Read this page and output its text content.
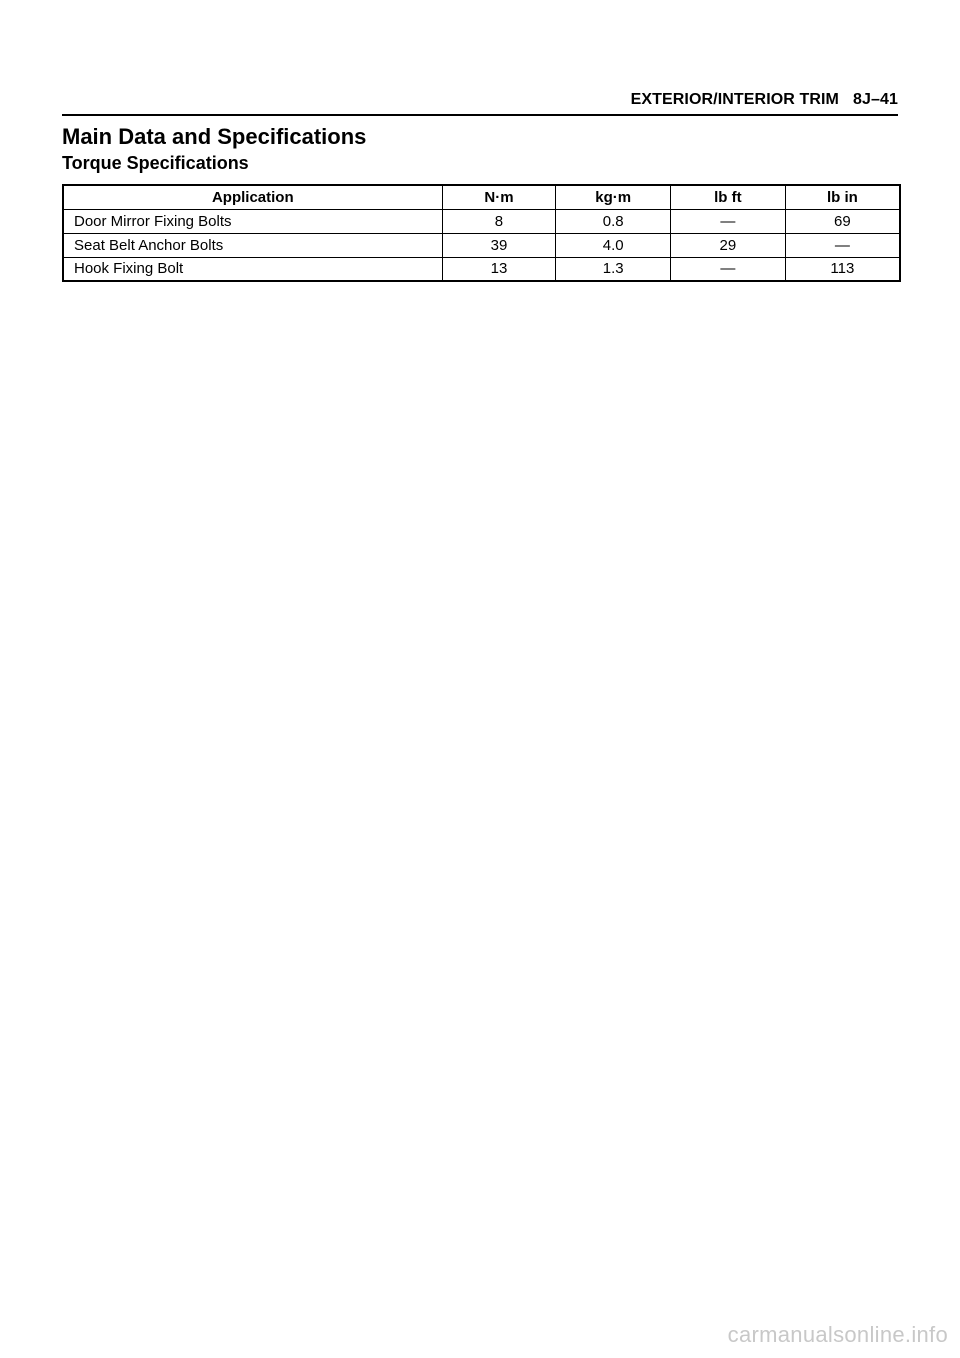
EXTERIOR/INTERIOR TRIM 8J–41
Main Data and Specifications
Torque Specifications
Application	N·m	kg·m	lb ft	lb in
Door Mirror Fixing Bolts	8	0.8	—	69
Seat Belt Anchor Bolts	39	4.0	29	—
Hook Fixing Bolt	13	1.3	—	113
carmanualsonline.info
